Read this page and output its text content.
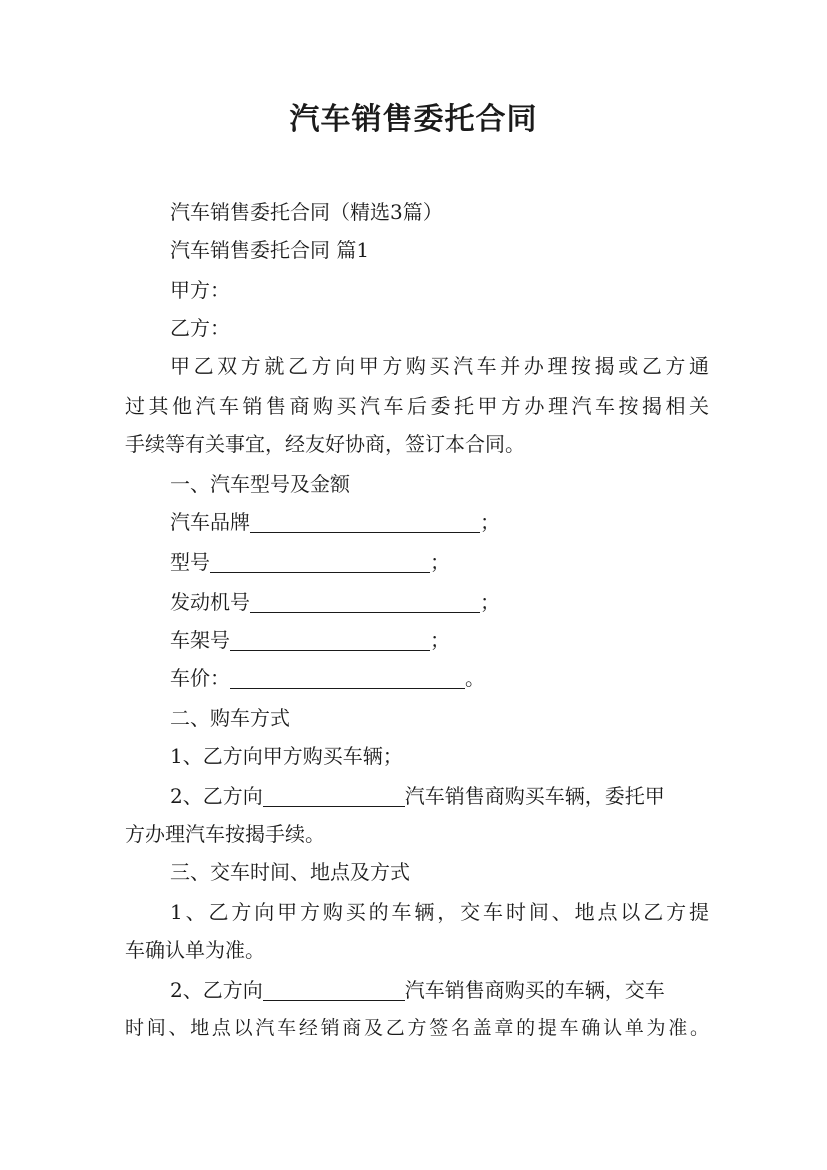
汽车销售委托合同
汽车销售委托合同（精选3篇）
汽车销售委托合同 篇1
甲方：
乙方：
甲乙双方就乙方向甲方购买汽车并办理按揭或乙方通
过其他汽车销售商购买汽车后委托甲方办理汽车按揭相关
手续等有关事宜，经友好协商，签订本合同。
一、汽车型号及金额
汽车品牌	；
型号	；
发动机号	；
车架号	；
车价：	。
二、购车方式
1、乙方向甲方购买车辆；
2、乙方向	汽车销售商购买车辆，委托甲
方办理汽车按揭手续。
三、交车时间、地点及方式
1、乙方向甲方购买的车辆，交车时间、地点以乙方提
车确认单为准。
2、乙方向	汽车销售商购买的车辆，交车
时间、地点以汽车经销商及乙方签名盖章的提车确认单为准。
